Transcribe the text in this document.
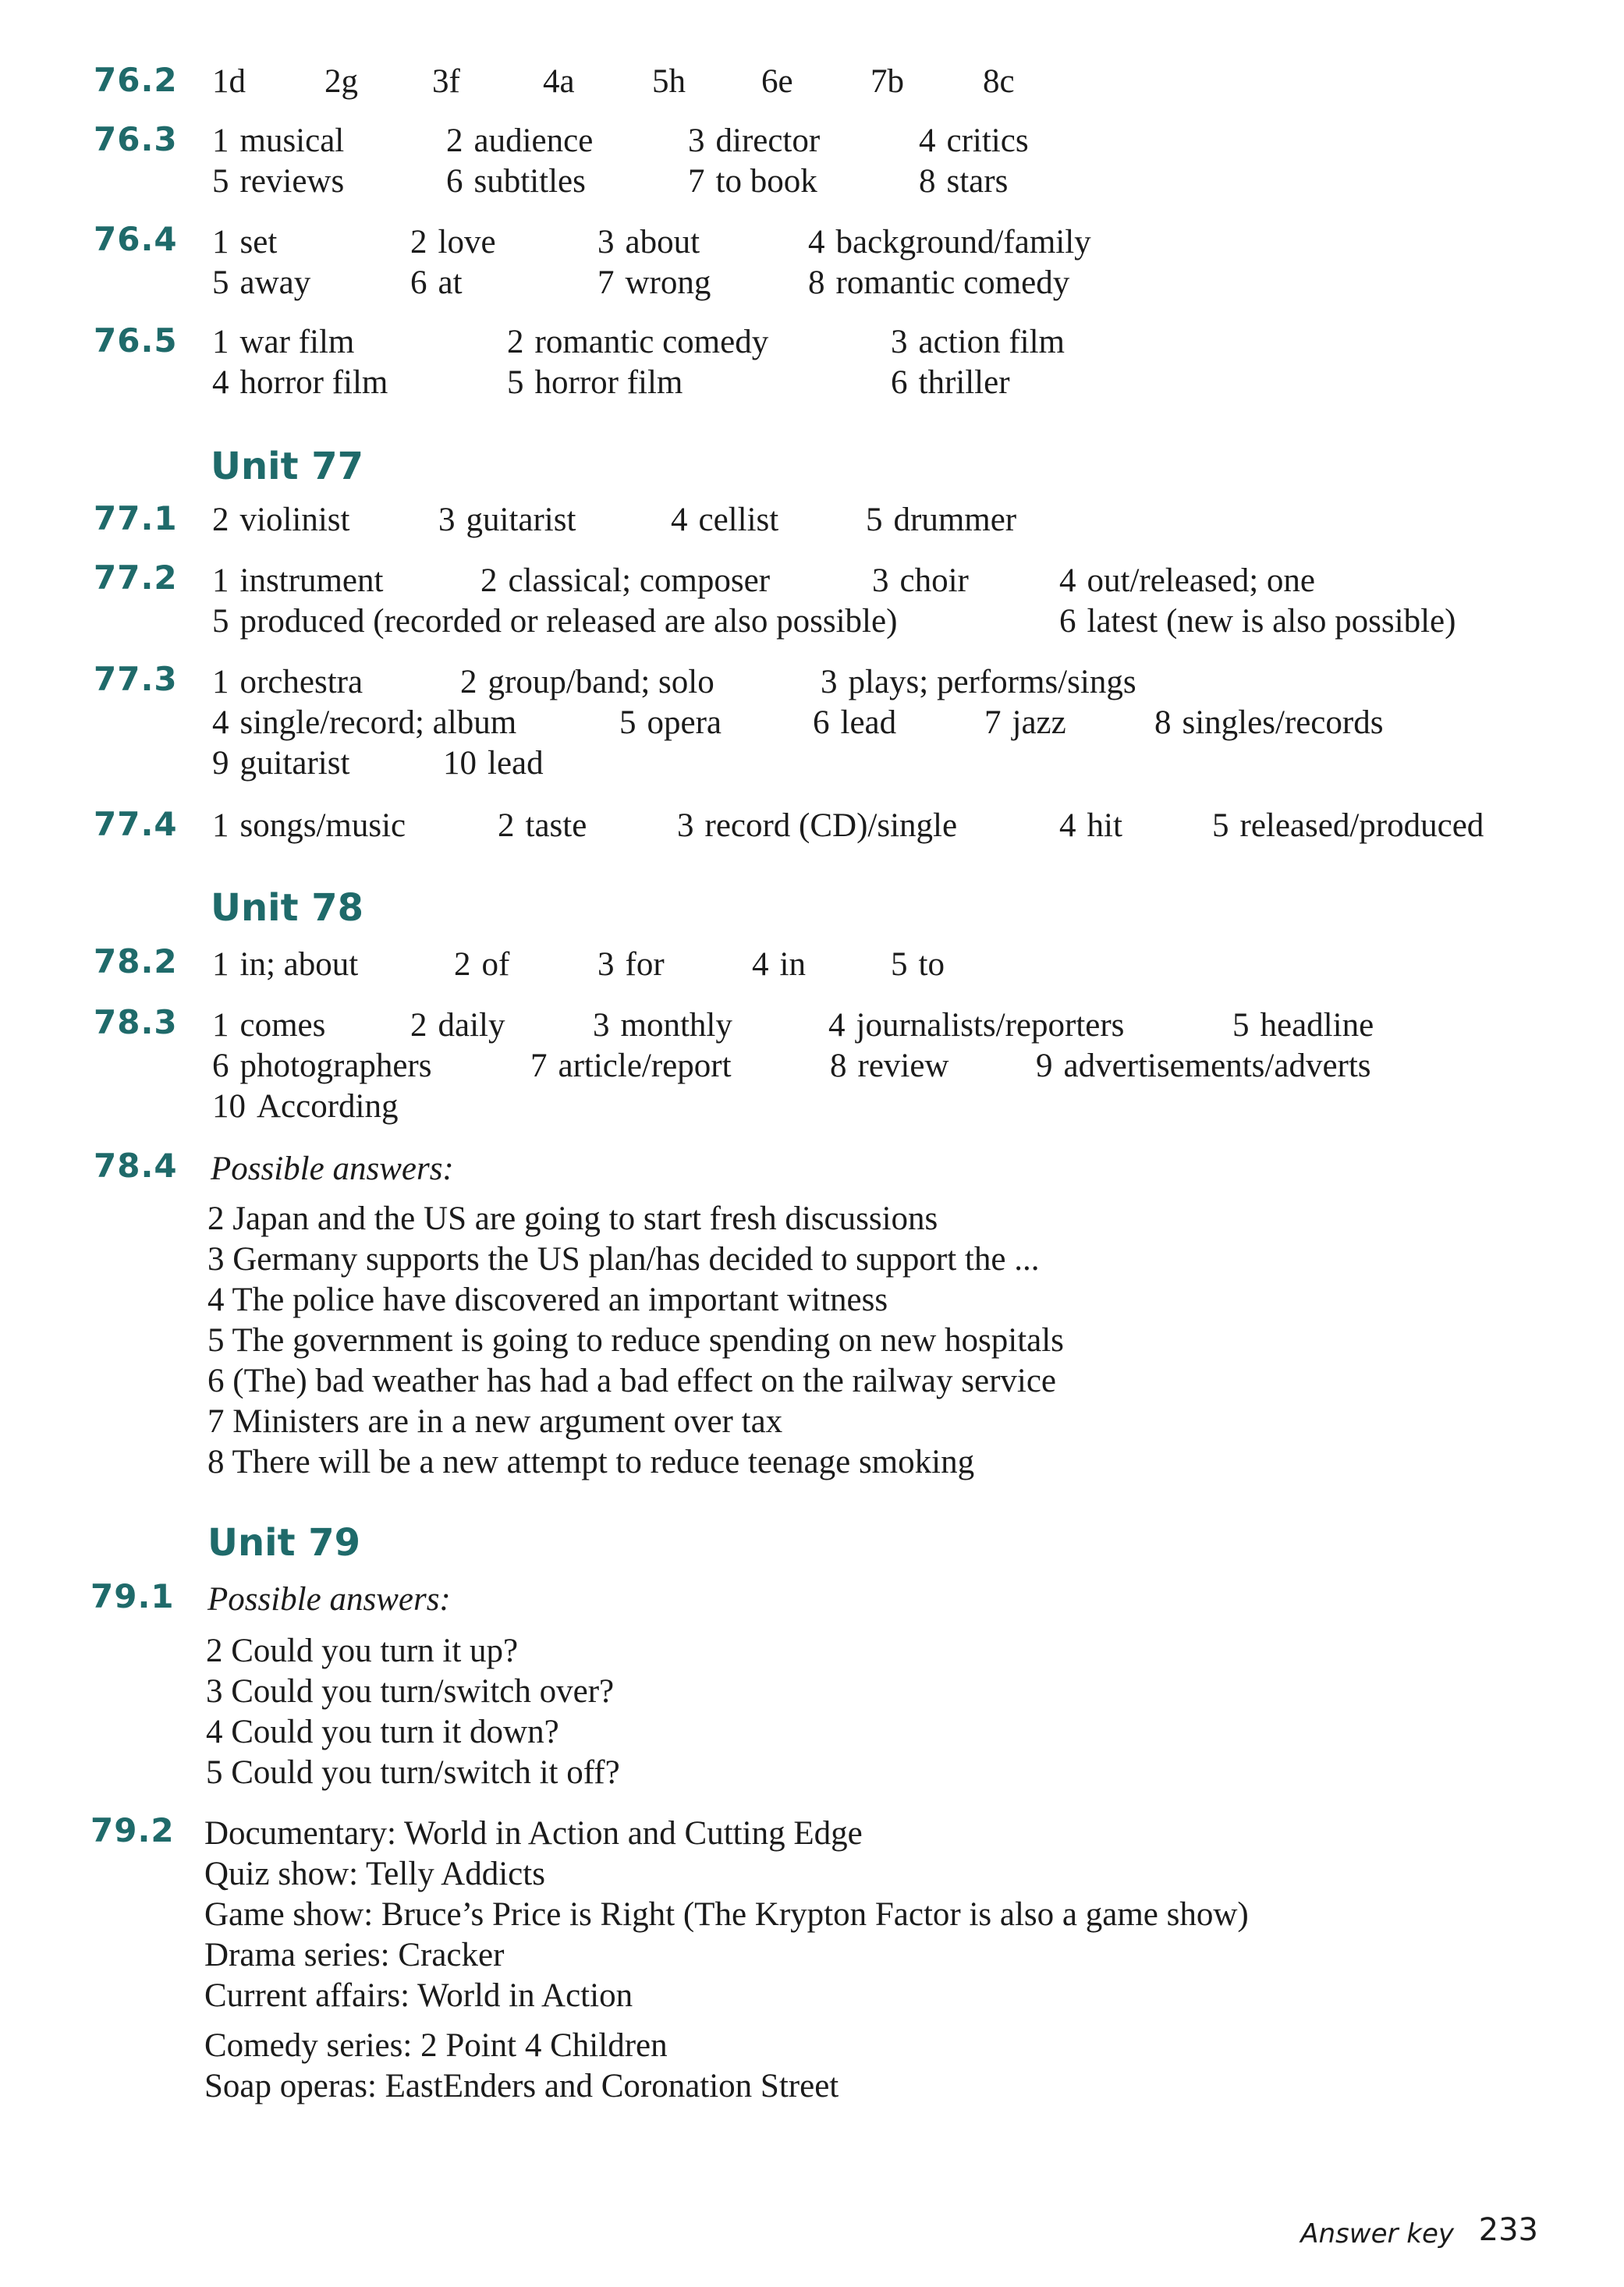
76.2 1d 2g 3f 4a 5h 6e 7b 8c
76.3 1 musical	2 audience	3 director	4 critics
5 reviews	6 subtitles	7 to book	8 stars
76.4 1 set	2 love	3 about	4 background/family
5 away	6 at	7 wrong	8 romantic comedy
76.5 1 war film	2 romantic comedy	3 action film
4 horror film	5 horror film	6 thriller
Unit 77
77.1 2 violinist	3 guitarist	4 cellist	5 drummer
77.2 1 instrument	2 classical; composer	3 choir	4 out/released; one
5 produced (recorded or released are also possible)	6 latest (new is also possible)
77.3 1 orchestra	2 group/band; solo	3 plays; performs/sings
4 single/record; album	5 opera	6 lead	7 jazz	8 singles/records
9 guitarist	10 lead
77.4 1 songs/music	2 taste	3 record (CD)/single	4 hit	5 released/produced
Unit 78
78.2 1 in; about	2 of	3 for	4 in	5 to
78.3 1 comes	2 daily	3 monthly	4 journalists/reporters	5 headline
6 photographers	7 article/report	8 review	9 advertisements/adverts
10 According
78.4 Possible answers:
2 Japan and the US are going to start fresh discussions
3 Germany supports the US plan/has decided to support the ...
4 The police have discovered an important witness
5 The government is going to reduce spending on new hospitals
6 (The) bad weather has had a bad effect on the railway service
7 Ministers are in a new argument over tax
8 There will be a new attempt to reduce teenage smoking
Unit 79
79.1 Possible answers:
2 Could you turn it up?
3 Could you turn/switch over?
4 Could you turn it down?
5 Could you turn/switch it off?
79.2 Documentary: World in Action and Cutting Edge
Quiz show: Telly Addicts
Game show: Bruce’s Price is Right (The Krypton Factor is also a game show)
Drama series: Cracker
Current affairs: World in Action
Comedy series: 2 Point 4 Children
Soap operas: EastEnders and Coronation Street
Answer key 233
